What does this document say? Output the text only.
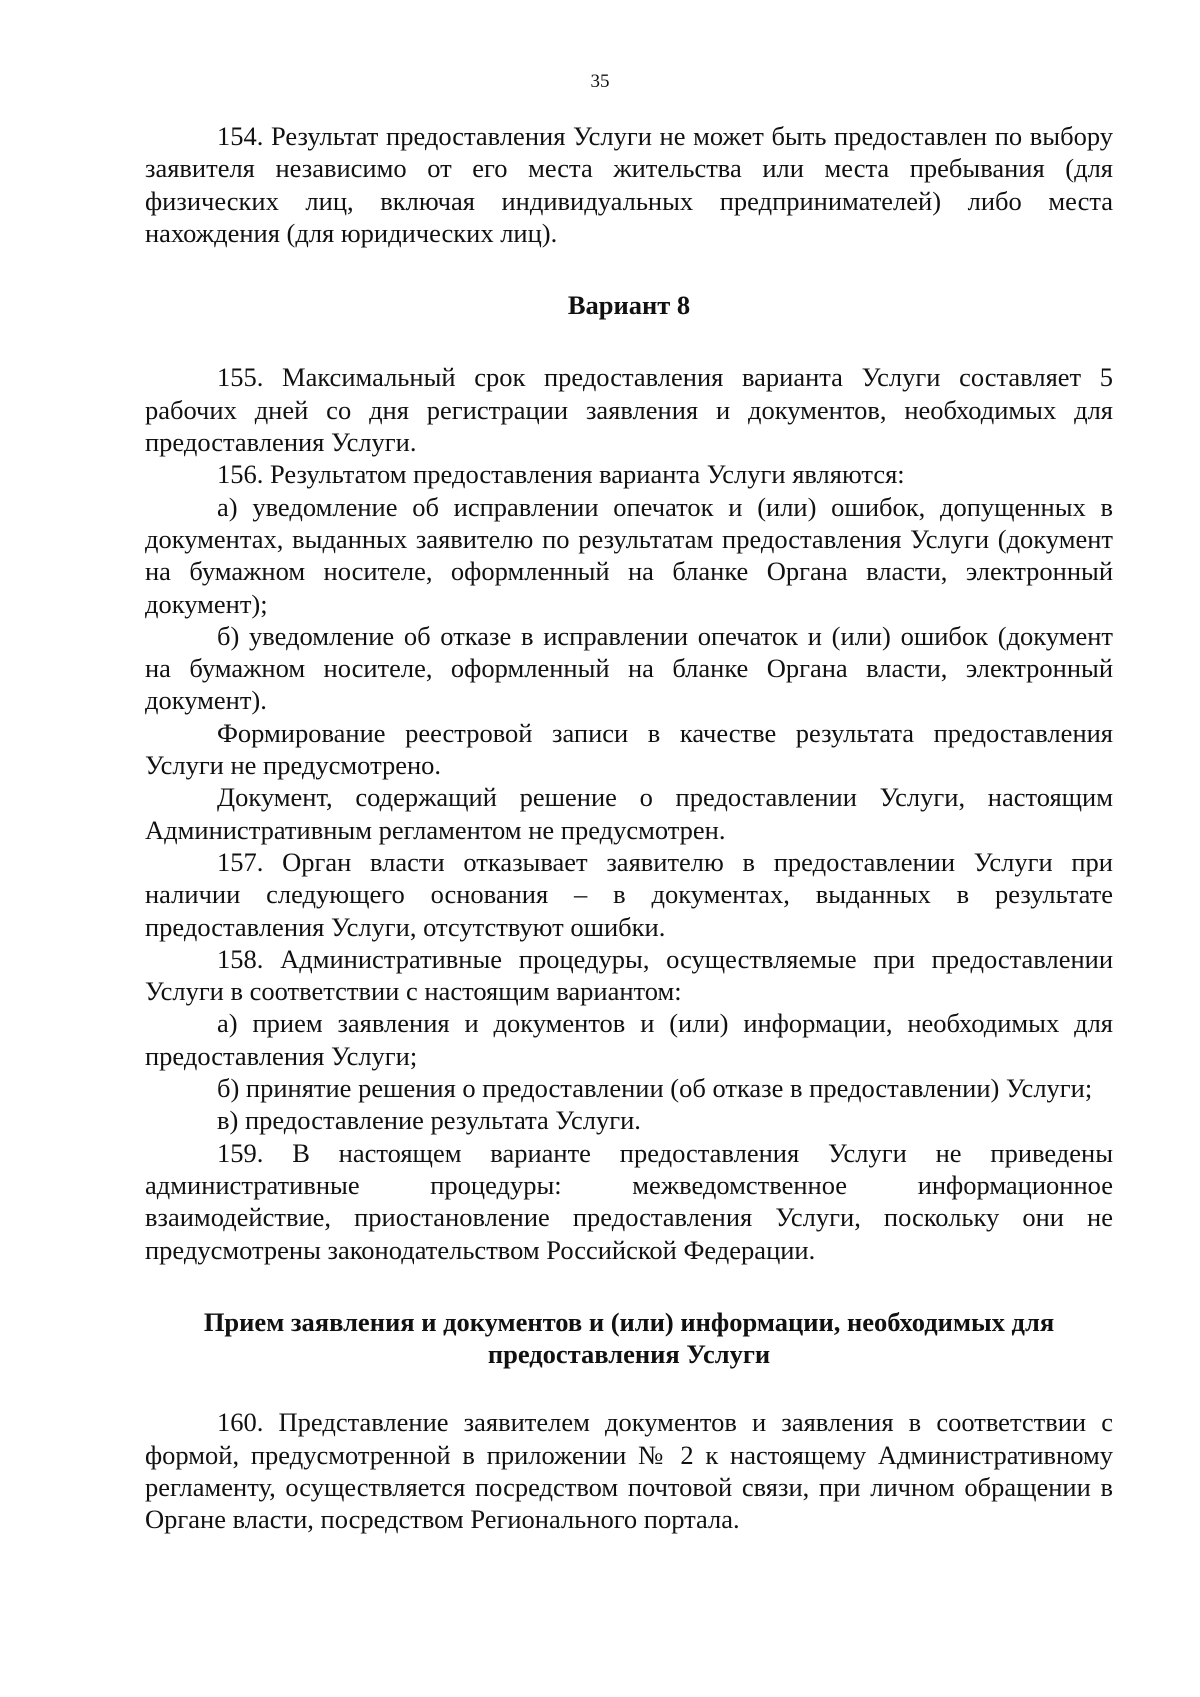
35

154. Результат предоставления Услуги не может быть предоставлен по выбору заявителя независимо от его места жительства или места пребывания (для физических лиц, включая индивидуальных предпринимателей) либо места нахождения (для юридических лиц).

Вариант 8

155. Максимальный срок предоставления варианта Услуги составляет 5 рабочих дней со дня регистрации заявления и документов, необходимых для предоставления Услуги.

156. Результатом предоставления варианта Услуги являются:

а) уведомление об исправлении опечаток и (или) ошибок, допущенных в документах, выданных заявителю по результатам предоставления Услуги (документ на бумажном носителе, оформленный на бланке Органа власти, электронный документ);

б) уведомление об отказе в исправлении опечаток и (или) ошибок (документ на бумажном носителе, оформленный на бланке Органа власти, электронный документ).

Формирование реестровой записи в качестве результата предоставления Услуги не предусмотрено.

Документ, содержащий решение о предоставлении Услуги, настоящим Административным регламентом не предусмотрен.

157. Орган власти отказывает заявителю в предоставлении Услуги при наличии следующего основания – в документах, выданных в результате предоставления Услуги, отсутствуют ошибки.

158. Административные процедуры, осуществляемые при предоставлении Услуги в соответствии с настоящим вариантом:

а) прием заявления и документов и (или) информации, необходимых для предоставления Услуги;

б) принятие решения о предоставлении (об отказе в предоставлении) Услуги;

в) предоставление результата Услуги.

159. В настоящем варианте предоставления Услуги не приведены административные процедуры: межведомственное информационное взаимодействие, приостановление предоставления Услуги, поскольку они не предусмотрены законодательством Российской Федерации.

Прием заявления и документов и (или) информации, необходимых для предоставления Услуги

160. Представление заявителем документов и заявления в соответствии с формой, предусмотренной в приложении № 2 к настоящему Административному регламенту, осуществляется посредством почтовой связи, при личном обращении в Органе власти, посредством Регионального портала.
